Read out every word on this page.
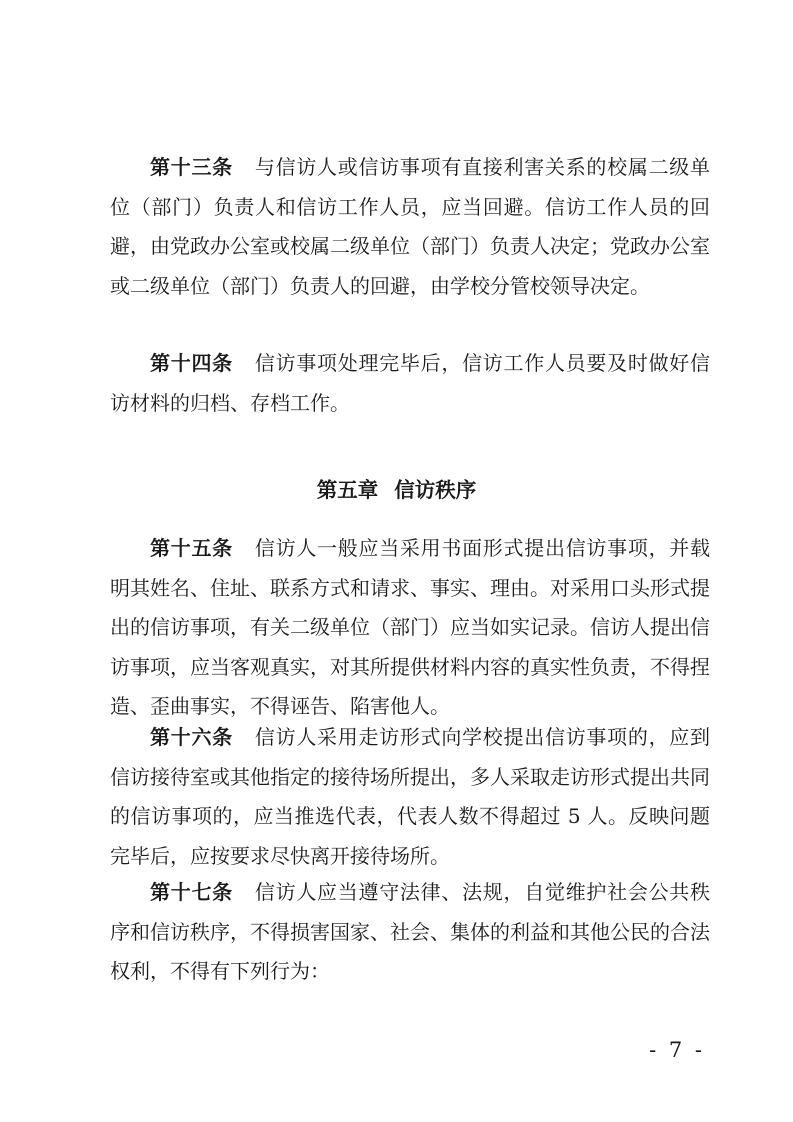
第十三条 与信访人或信访事项有直接利害关系的校属二级单位（部门）负责人和信访工作人员，应当回避。信访工作人员的回避，由党政办公室或校属二级单位（部门）负责人决定；党政办公室或二级单位（部门）负责人的回避，由学校分管校领导决定。

第十四条 信访事项处理完毕后，信访工作人员要及时做好信访材料的归档、存档工作。

第五章 信访秩序

第十五条 信访人一般应当采用书面形式提出信访事项，并载明其姓名、住址、联系方式和请求、事实、理由。对采用口头形式提出的信访事项，有关二级单位（部门）应当如实记录。信访人提出信访事项，应当客观真实，对其所提供材料内容的真实性负责，不得捏造、歪曲事实，不得诬告、陷害他人。

第十六条 信访人采用走访形式向学校提出信访事项的，应到信访接待室或其他指定的接待场所提出，多人采取走访形式提出共同的信访事项的，应当推选代表，代表人数不得超过 5 人。反映问题完毕后，应按要求尽快离开接待场所。

第十七条 信访人应当遵守法律、法规，自觉维护社会公共秩序和信访秩序，不得损害国家、社会、集体的利益和其他公民的合法权利，不得有下列行为：

- 7 -
